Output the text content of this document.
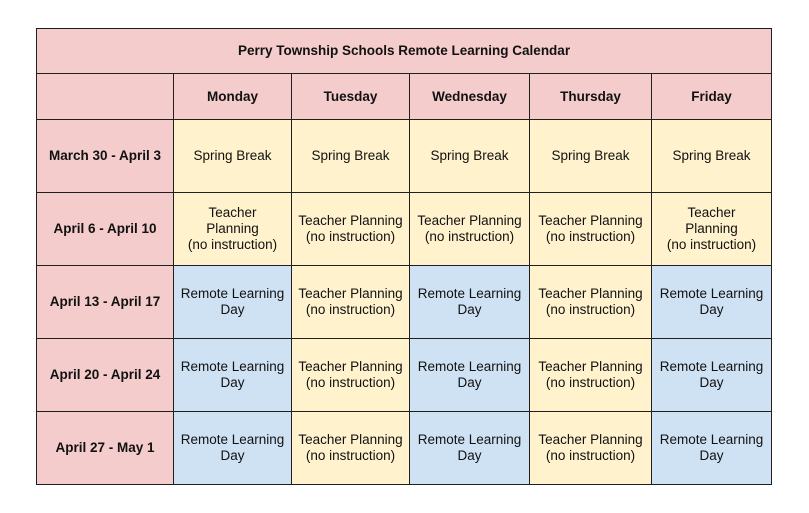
Perry Township Schools Remote Learning Calendar					
	Monday	Tuesday	Wednesday	Thursday	Friday
March 30 - April 3	Spring Break	Spring Break	Spring Break	Spring Break	Spring Break

April 6 - April 10	Teacher
Planning
(no instruction)	Teacher Planning
(no instruction)	Teacher Planning
(no instruction)	Teacher Planning
(no instruction)	Teacher
Planning
(no instruction)

April 13 - April 17	Remote Learning
Day	Teacher Planning
(no instruction)	Remote Learning
Day	Teacher Planning
(no instruction)	Remote Learning
Day

April 20 - April 24	Remote Learning
Day	Teacher Planning
(no instruction)	Remote Learning
Day	Teacher Planning
(no instruction)	Remote Learning
Day

April 27 - May 1	Remote Learning
Day	Teacher Planning
(no instruction)	Remote Learning
Day	Teacher Planning
(no instruction)	Remote Learning
Day
